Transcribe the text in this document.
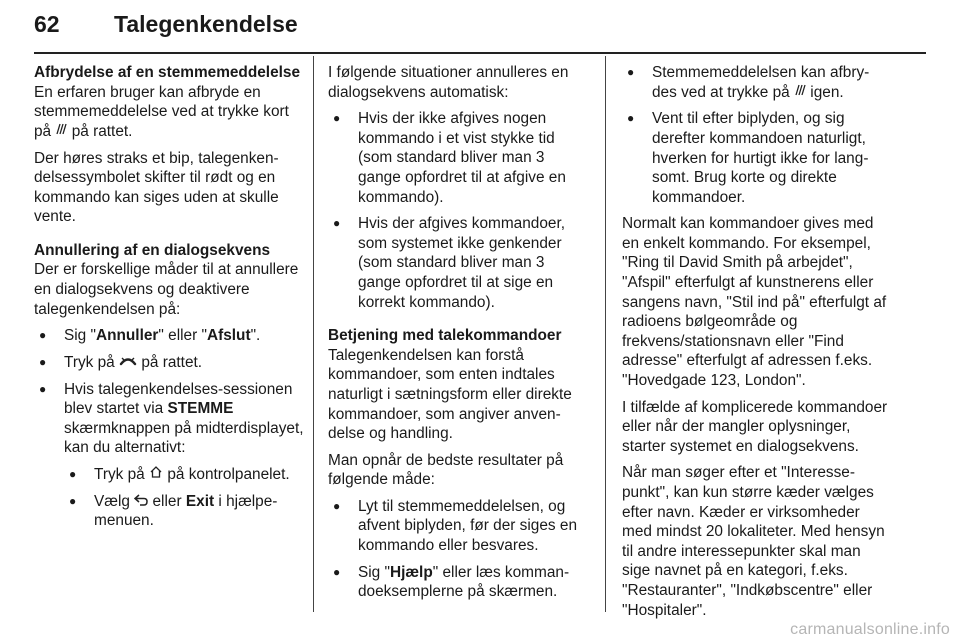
62 Talegenkendelse

Afbrydelse af en stemmemeddelelse

En erfaren bruger kan afbryde en stemmemeddelelse ved at trykke kort på på rattet.

Der høres straks et bip, talegenkendelsessymbolet skifter til rødt og en kommando kan siges uden at skulle vente.

Annullering af en dialogsekvens

Der er forskellige måder til at annullere en dialogsekvens og deaktivere talegenkendelsen på:

● Sig "Annuller" eller "Afslut".
● Tryk på på rattet.
● Hvis talegenkendelses-sessionen blev startet via STEMME skærmknappen på midterdisplayet, kan du alternativt:
● Tryk på på kontrolpanelet.
● Vælg eller Exit i hjælpemenuen.

I følgende situationer annulleres en dialogsekvens automatisk:

● Hvis der ikke afgives nogen kommando i et vist stykke tid (som standard bliver man 3 gange opfordret til at afgive en kommando).
● Hvis der afgives kommandoer, som systemet ikke genkender (som standard bliver man 3 gange opfordret til at sige en korrekt kommando).

Betjening med talekommandoer

Talegenkendelsen kan forstå kommandoer, som enten indtales naturligt i sætningsform eller direkte kommandoer, som angiver anvendelse og handling.

Man opnår de bedste resultater på følgende måde:

● Lyt til stemmemeddelelsen, og afvent biplyden, før der siges en kommando eller besvares.
● Sig "Hjælp" eller læs kommandoeksemplerne på skærmen.
● Stemmemeddelelsen kan afbrydes ved at trykke på igen.
● Vent til efter biplyden, og sig derefter kommandoen naturligt, hverken for hurtigt ikke for langsomt. Brug korte og direkte kommandoer.

Normalt kan kommandoer gives med en enkelt kommando. For eksempel, "Ring til David Smith på arbejdet", "Afspil" efterfulgt af kunstnerens eller sangens navn, "Stil ind på" efterfulgt af radioens bølgeområde og frekvens/stationsnavn eller "Find adresse" efterfulgt af adressen f.eks. "Hovedgade 123, London".

I tilfælde af komplicerede kommandoer eller når der mangler oplysninger, starter systemet en dialogsekvens.

Når man søger efter et "Interessepunkt", kan kun større kæder vælges efter navn. Kæder er virksomheder med mindst 20 lokaliteter. Med hensyn til andre interessepunkter skal man sige navnet på en kategori, f.eks. "Restauranter", "Indkøbscentre" eller "Hospitaler".

carmanualsonline.info
